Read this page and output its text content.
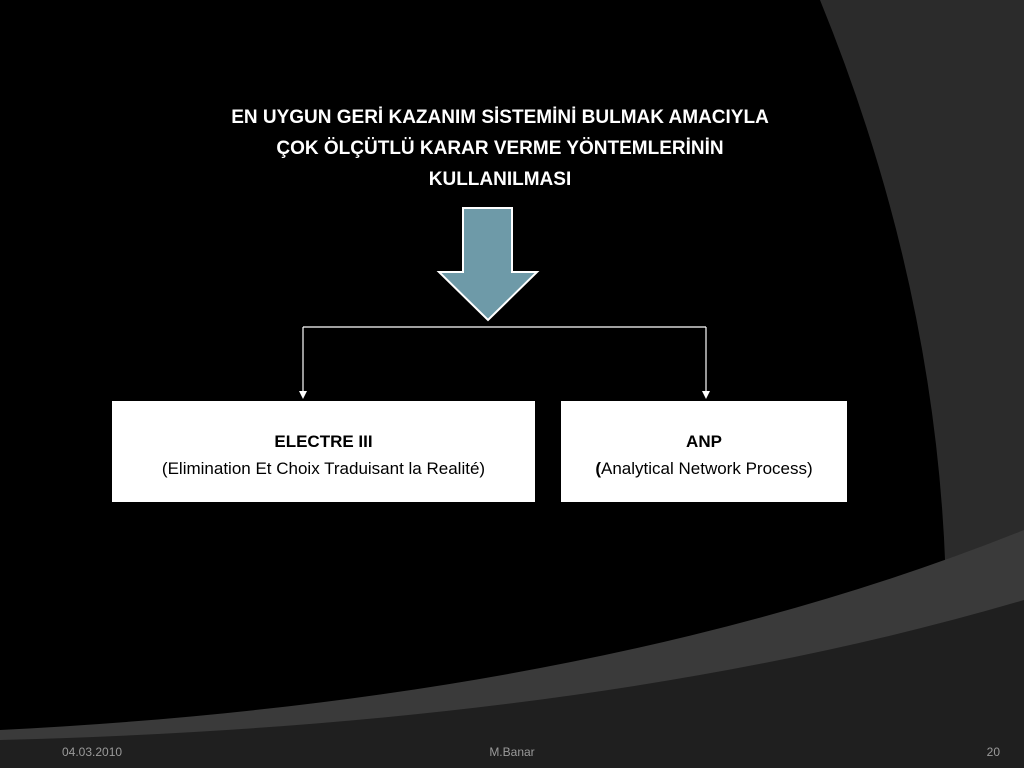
EN UYGUN GERİ KAZANIM SİSTEMİNİ BULMAK AMACIYLA
ÇOK ÖLÇÜTLÜ KARAR VERME YÖNTEMLERİNİN
KULLANILMASI
ELECTRE III
(Elimination Et Choix Traduisant la Realité)
ANP
(Analytical Network Process)
04.03.2010	M.Banar	20
